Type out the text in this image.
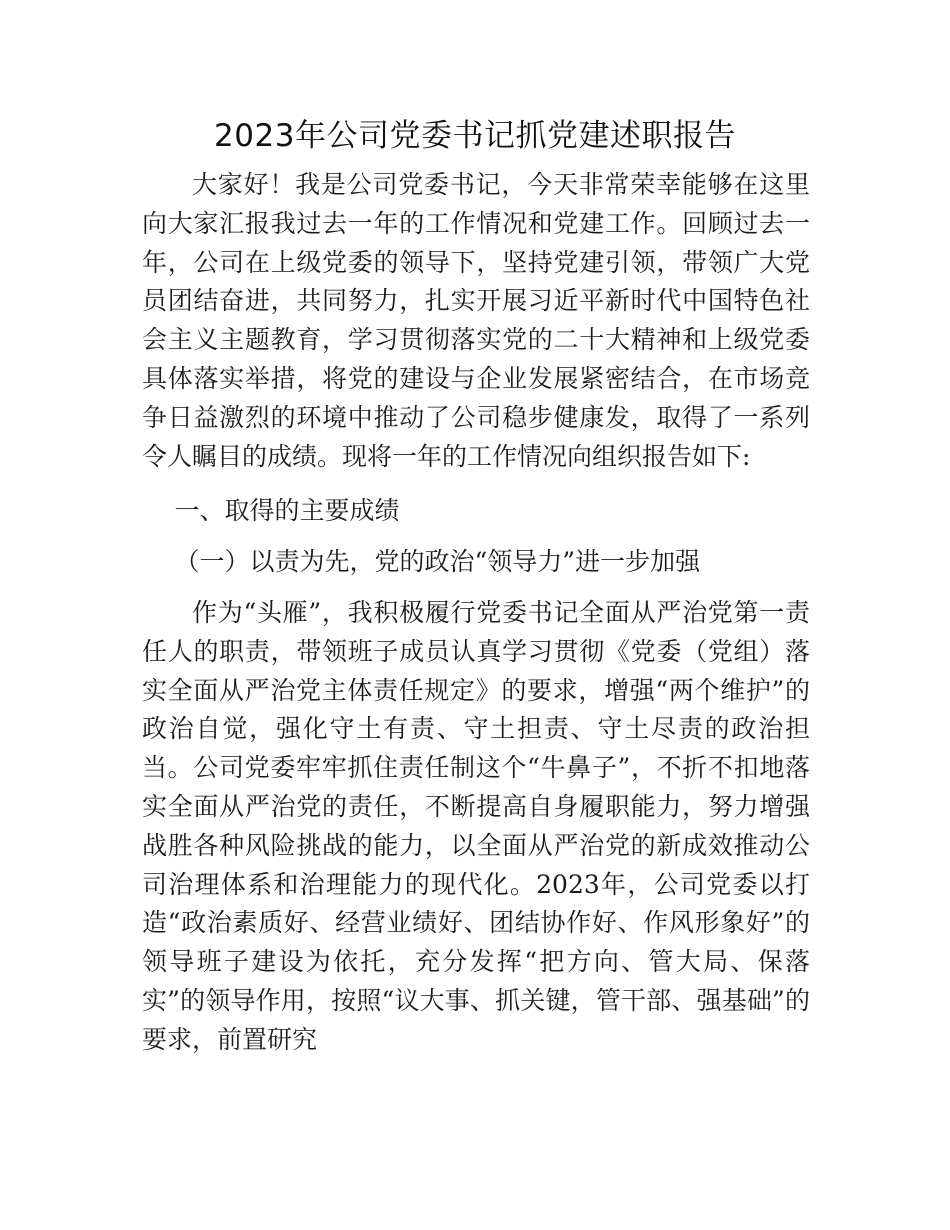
2023年公司党委书记抓党建述职报告

大家好！我是公司党委书记，今天非常荣幸能够在这里向大家汇报我过去一年的工作情况和党建工作。回顾过去一年，公司在上级党委的领导下，坚持党建引领，带领广大党员团结奋进，共同努力，扎实开展习近平新时代中国特色社会主义主题教育，学习贯彻落实党的二十大精神和上级党委具体落实举措，将党的建设与企业发展紧密结合，在市场竞争日益激烈的环境中推动了公司稳步健康发，取得了一系列令人瞩目的成绩。现将一年的工作情况向组织报告如下:

一、取得的主要成绩

（一）以责为先，党的政治“领导力”进一步加强

作为“头雁”，我积极履行党委书记全面从严治党第一责任人的职责，带领班子成员认真学习贯彻《党委（党组）落实全面从严治党主体责任规定》的要求，增强“两个维护”的政治自觉，强化守土有责、守土担责、守土尽责的政治担当。公司党委牢牢抓住责任制这个“牛鼻子”，不折不扣地落实全面从严治党的责任，不断提高自身履职能力，努力增强战胜各种风险挑战的能力，以全面从严治党的新成效推动公司治理体系和治理能力的现代化。2023年，公司党委以打造“政治素质好、经营业绩好、团结协作好、作风形象好”的领导班子建设为依托，充分发挥“把方向、管大局、保落实”的领导作用，按照“议大事、抓关键，管干部、强基础”的要求，前置研究
